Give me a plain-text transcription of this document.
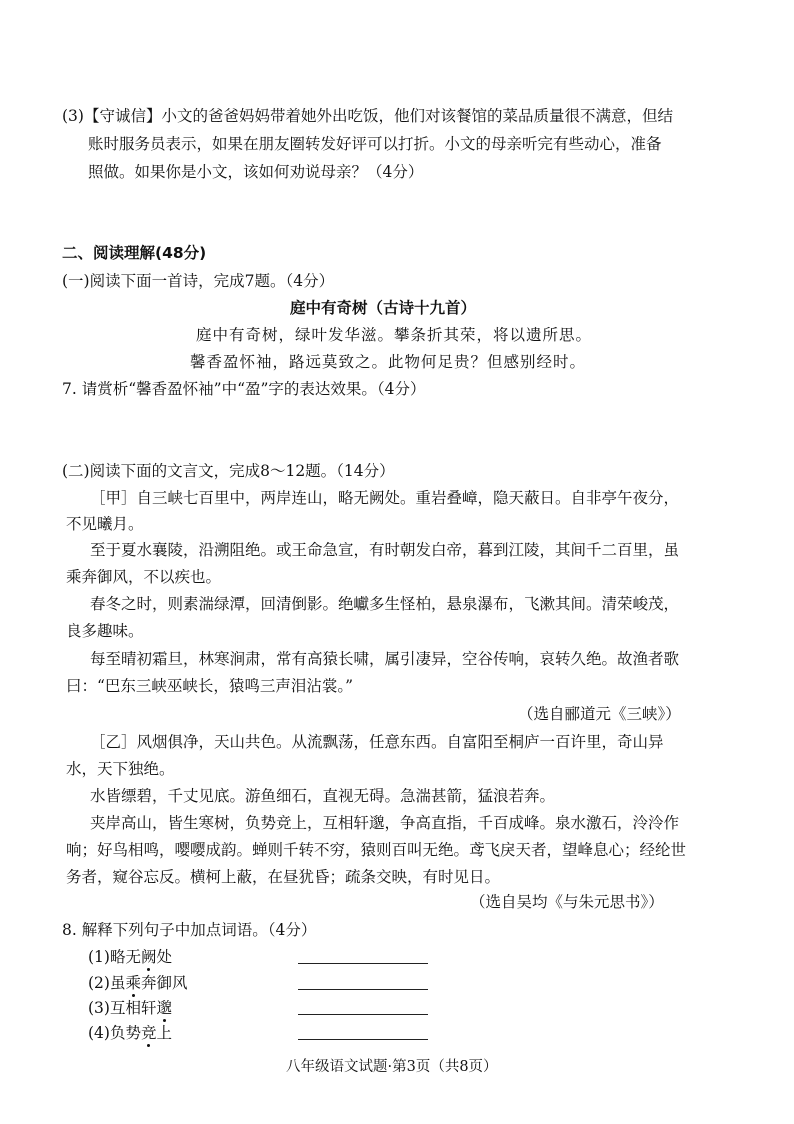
(3)【守诚信】小文的爸爸妈妈带着她外出吃饭，他们对该餐馆的菜品质量很不满意，但结
账时服务员表示，如果在朋友圈转发好评可以打折。小文的母亲听完有些动心，准备
照做。如果你是小文，该如何劝说母亲？（4分）
二、阅读理解(48分)
(一)阅读下面一首诗，完成7题。（4分）
庭中有奇树（古诗十九首）
庭中有奇树，绿叶发华滋。攀条折其荣，将以遗所思。
馨香盈怀袖，路远莫致之。此物何足贵？但感别经时。
7. 请赏析“馨香盈怀袖”中“盈”字的表达效果。（4分）
(二)阅读下面的文言文，完成8～12题。（14分）
［甲］自三峡七百里中，两岸连山，略无阙处。重岩叠嶂，隐天蔽日。自非亭午夜分，
不见曦月。
至于夏水襄陵，沿溯阻绝。或王命急宣，有时朝发白帝，暮到江陵，其间千二百里，虽
乘奔御风，不以疾也。
春冬之时，则素湍绿潭，回清倒影。绝巘多生怪柏，悬泉瀑布，飞漱其间。清荣峻茂，
良多趣味。
每至晴初霜旦，林寒涧肃，常有高猿长啸，属引凄异，空谷传响，哀转久绝。故渔者歌
曰：“巴东三峡巫峡长，猿鸣三声泪沾裳。”
（选自郦道元《三峡》）
［乙］风烟俱净，天山共色。从流飘荡，任意东西。自富阳至桐庐一百许里，奇山异
水，天下独绝。
水皆缥碧，千丈见底。游鱼细石，直视无碍。急湍甚箭，猛浪若奔。
夹岸高山，皆生寒树，负势竞上，互相轩邈，争高直指，千百成峰。泉水激石，泠泠作
响；好鸟相鸣，嘤嘤成韵。蝉则千转不穷，猿则百叫无绝。鸢飞戾天者，望峰息心；经纶世
务者，窥谷忘反。横柯上蔽，在昼犹昏；疏条交映，有时见日。
（选自吴均《与朱元思书》）
8. 解释下列句子中加点词语。（4分）
(1)略无阙处
(2)虽乘奔御风
(3)互相轩邈
(4)负势竞上
八年级语文试题·第3页（共8页）
